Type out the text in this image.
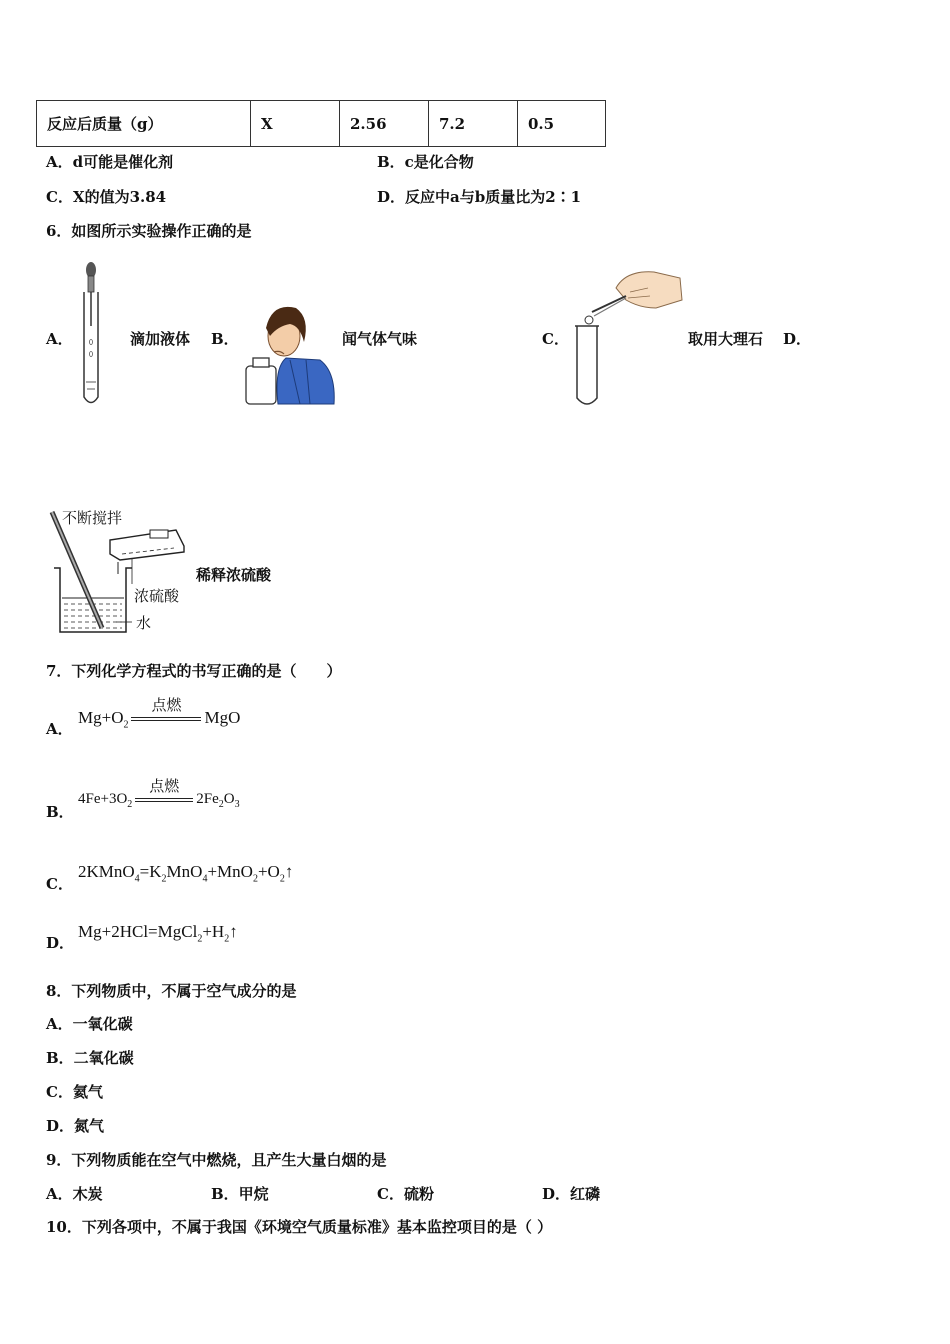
反应后质量（g）	X	2.56	7.2	0.5
A．d可能是催化剂	B．c是化合物
C．X的值为3.84	D．反应中a与b质量比为2∶1
6．如图所示实验操作正确的是
A．	滴加液体 B．	闻气体气味	C．	取用大理石 D．
不断搅拌
浓硫酸
水
稀释浓硫酸
7．下列化学方程式的书写正确的是（　　）
A．
$Mg+O_2$
点燃
MgO
B．
$4Fe+3O_2$
点燃
$2Fe_2O_3$
C．
$2KMnO_4=K_2MnO_4+MnO_2+O_2↑$
D．
$Mg+2HCl=MgCl_2+H_2↑$
8．下列物质中，不属于空气成分的是
A．一氧化碳
B．二氧化碳
C．氦气
D．氮气
9．下列物质能在空气中燃烧，且产生大量白烟的是
A．木炭	B．甲烷	C．硫粉	D．红磷
10．下列各项中，不属于我国《环境空气质量标准》基本监控项目的是（ ）
